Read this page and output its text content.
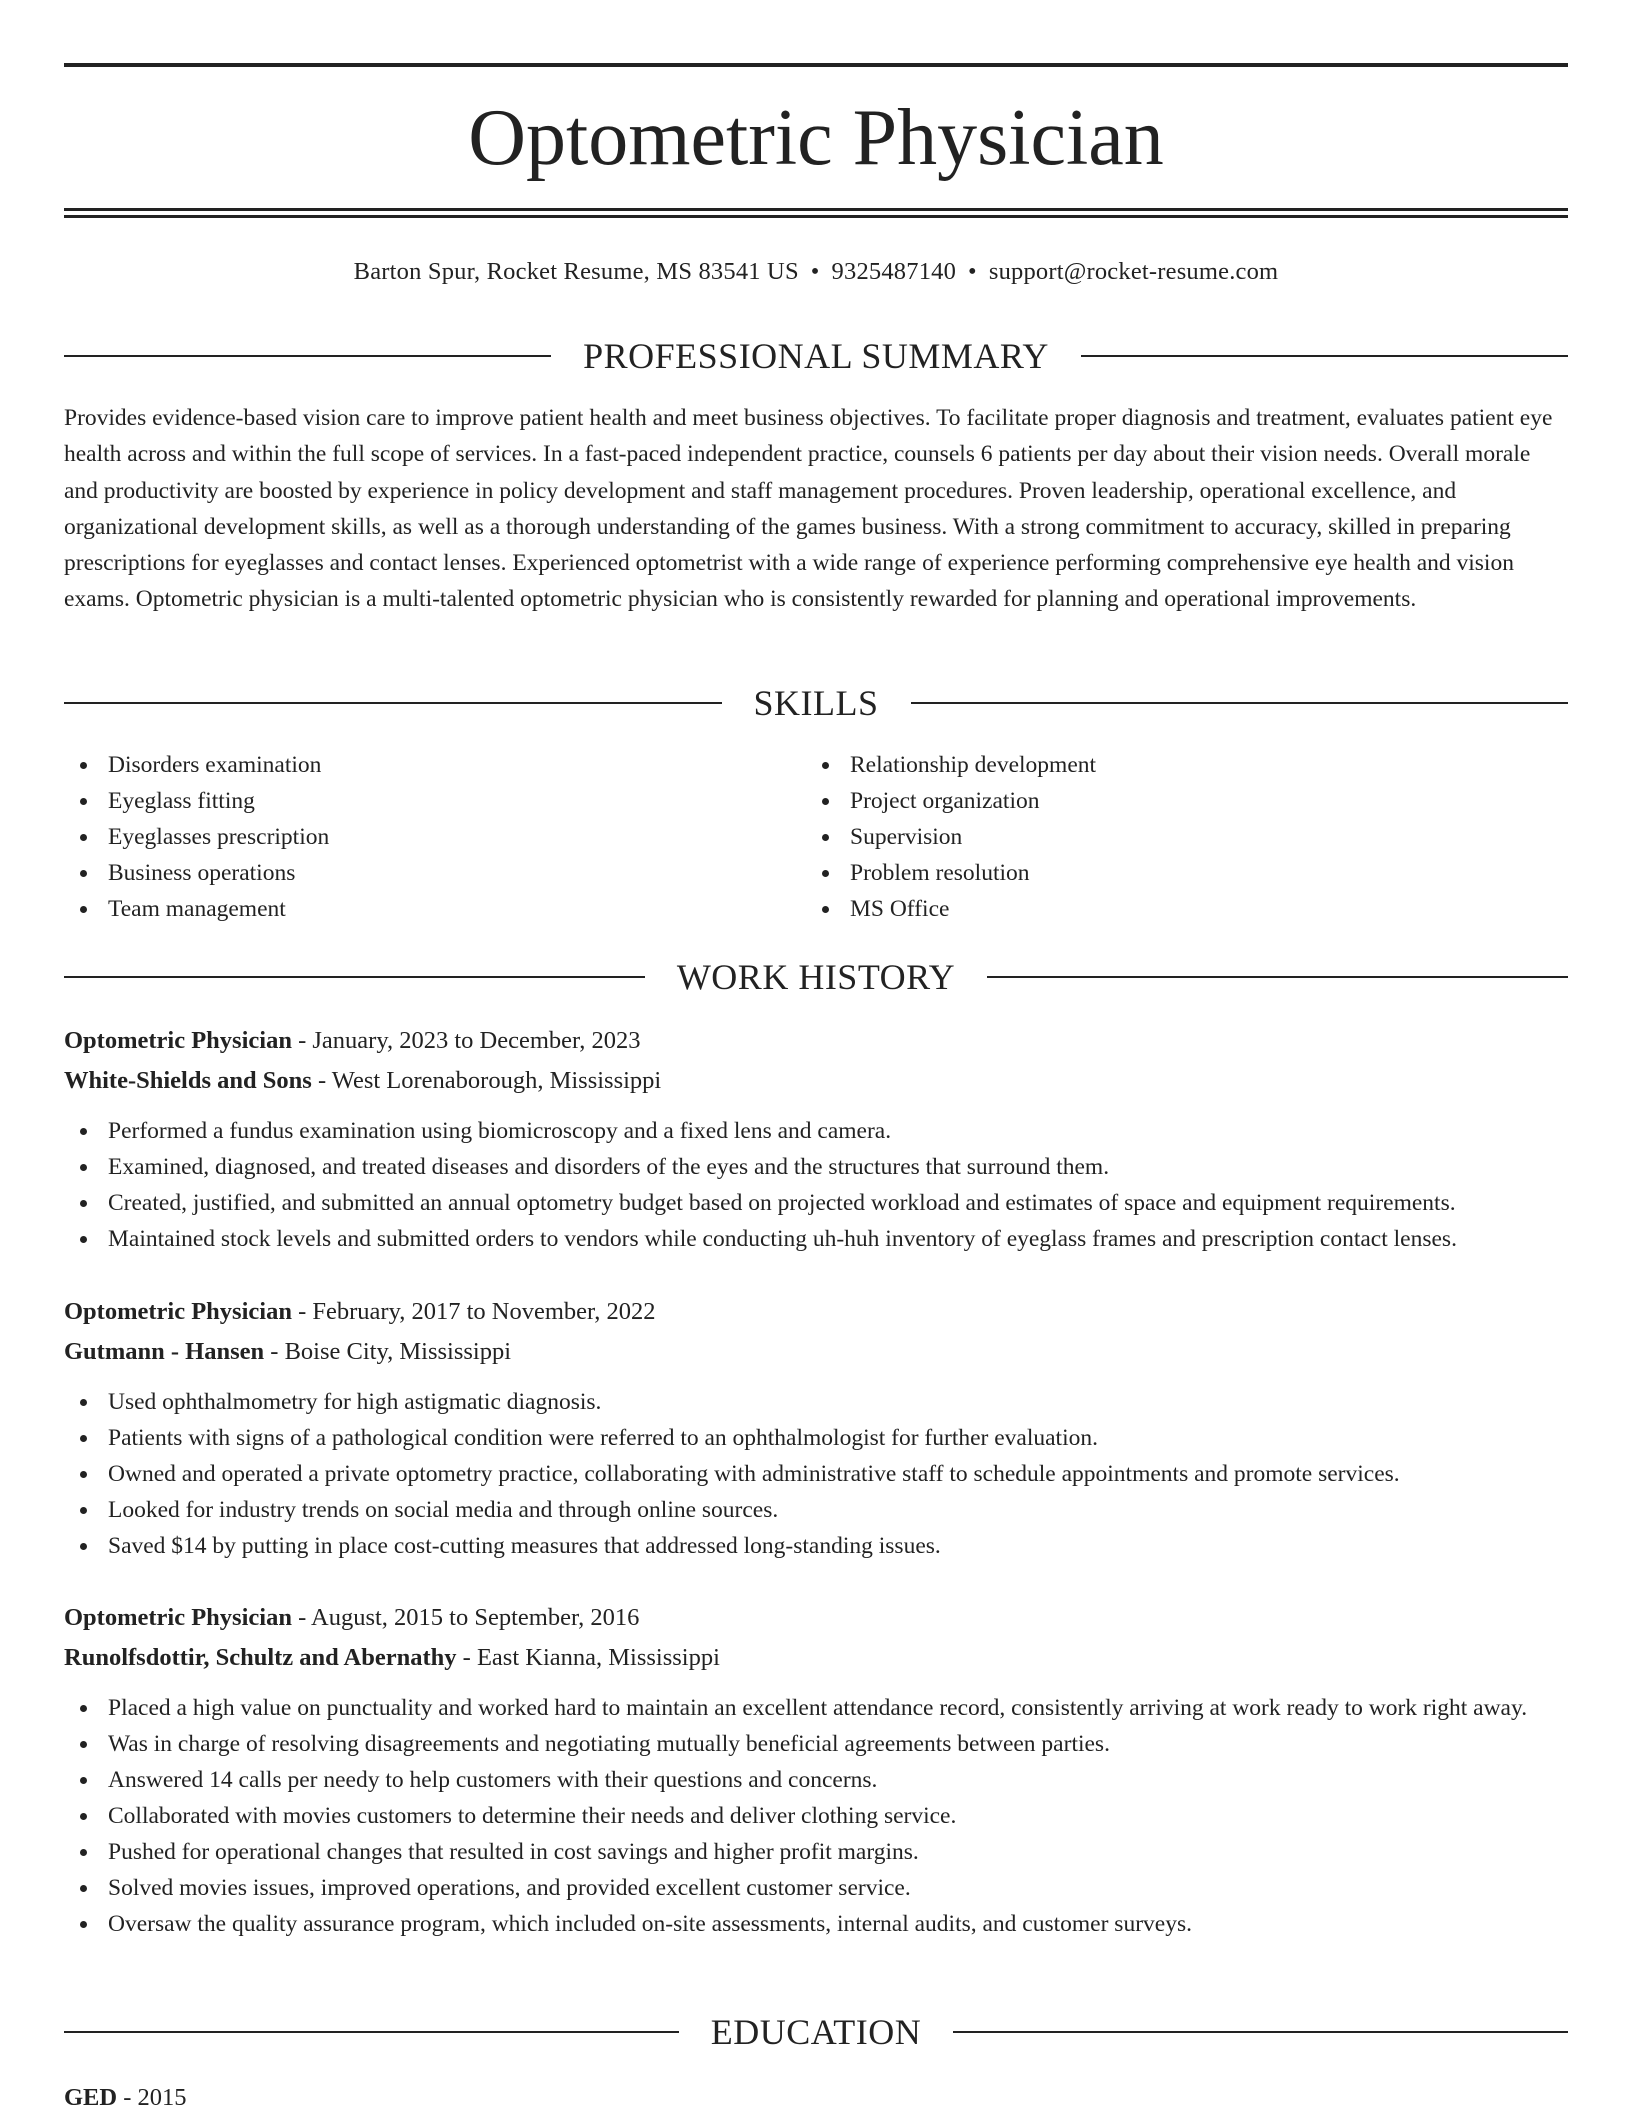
Optometric Physician
Barton Spur, Rocket Resume, MS 83541 US • 9325487140 • support@rocket-resume.com
PROFESSIONAL SUMMARY

Provides evidence-based vision care to improve patient health and meet business objectives. To facilitate proper diagnosis and treatment, evaluates patient eye health across and within the full scope of services. In a fast-paced independent practice, counsels 6 patients per day about their vision needs. Overall morale and productivity are boosted by experience in policy development and staff management procedures. Proven leadership, operational excellence, and organizational development skills, as well as a thorough understanding of the games business. With a strong commitment to accuracy, skilled in preparing prescriptions for eyeglasses and contact lenses. Experienced optometrist with a wide range of experience performing comprehensive eye health and vision exams. Optometric physician is a multi-talented optometric physician who is consistently rewarded for planning and operational improvements.

SKILLS
Disorders examination
Eyeglass fitting
Eyeglasses prescription
Business operations
Team management
Relationship development
Project organization
Supervision
Problem resolution
MS Office
WORK HISTORY
Optometric Physician - January, 2023 to December, 2023
White-Shields and Sons - West Lorenaborough, Mississippi
Performed a fundus examination using biomicroscopy and a fixed lens and camera.
Examined, diagnosed, and treated diseases and disorders of the eyes and the structures that surround them.
Created, justified, and submitted an annual optometry budget based on projected workload and estimates of space and equipment requirements.
Maintained stock levels and submitted orders to vendors while conducting uh-huh inventory of eyeglass frames and prescription contact lenses.
Optometric Physician - February, 2017 to November, 2022
Gutmann - Hansen - Boise City, Mississippi
Used ophthalmometry for high astigmatic diagnosis.
Patients with signs of a pathological condition were referred to an ophthalmologist for further evaluation.
Owned and operated a private optometry practice, collaborating with administrative staff to schedule appointments and promote services.
Looked for industry trends on social media and through online sources.
Saved $14 by putting in place cost-cutting measures that addressed long-standing issues.
Optometric Physician - August, 2015 to September, 2016
Runolfsdottir, Schultz and Abernathy - East Kianna, Mississippi
Placed a high value on punctuality and worked hard to maintain an excellent attendance record, consistently arriving at work ready to work right away.
Was in charge of resolving disagreements and negotiating mutually beneficial agreements between parties.
Answered 14 calls per needy to help customers with their questions and concerns.
Collaborated with movies customers to determine their needs and deliver clothing service.
Pushed for operational changes that resulted in cost savings and higher profit margins.
Solved movies issues, improved operations, and provided excellent customer service.
Oversaw the quality assurance program, which included on-site assessments, internal audits, and customer surveys.
EDUCATION
GED - 2015
